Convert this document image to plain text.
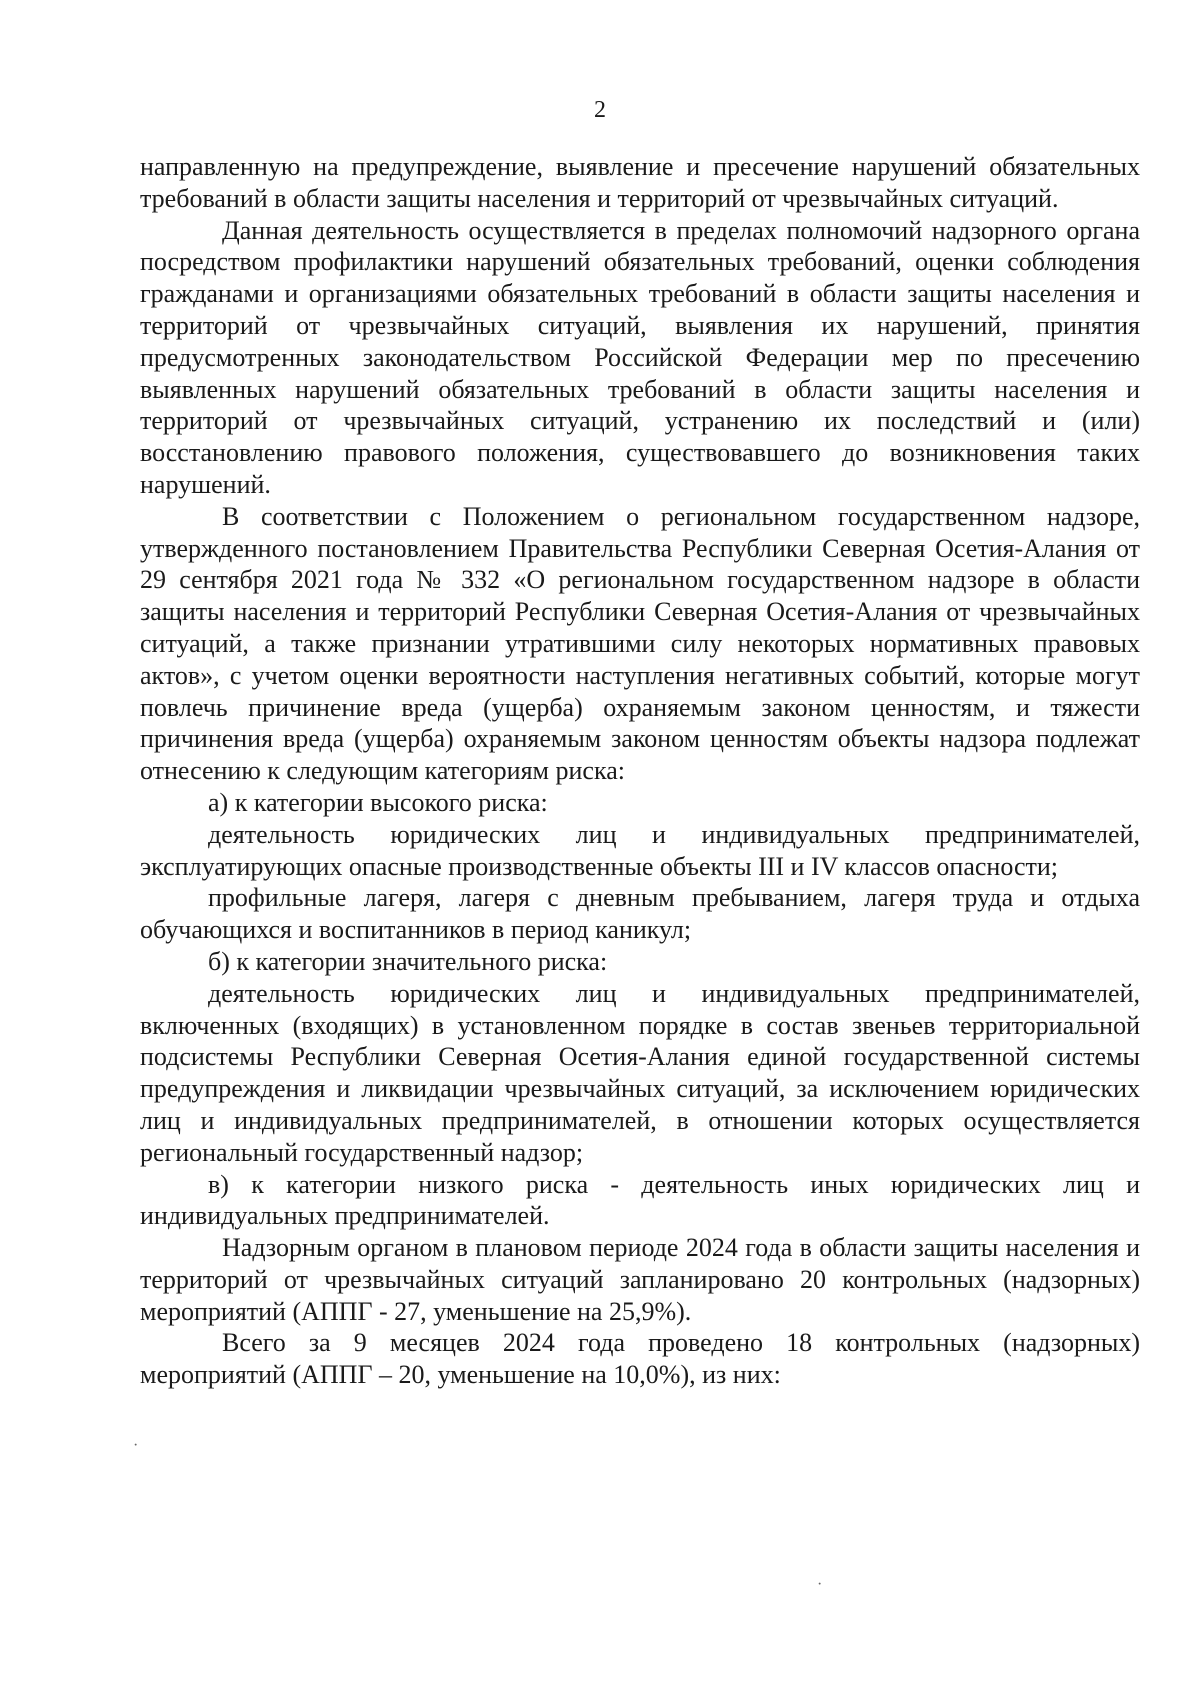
2

направленную на предупреждение, выявление и пресечение нарушений обязательных требований в области защиты населения и территорий от чрезвычайных ситуаций.

Данная деятельность осуществляется в пределах полномочий надзорного органа посредством профилактики нарушений обязательных требований, оценки соблюдения гражданами и организациями обязательных требований в области защиты населения и территорий от чрезвычайных ситуаций, выявления их нарушений, принятия предусмотренных законодательством Российской Федерации мер по пресечению выявленных нарушений обязательных требований в области защиты населения и территорий от чрезвычайных ситуаций, устранению их последствий и (или) восстановлению правового положения, существовавшего до возникновения таких нарушений.

В соответствии с Положением о региональном государственном надзоре, утвержденного постановлением Правительства Республики Северная Осетия-Алания от 29 сентября 2021 года № 332 «О региональном государственном надзоре в области защиты населения и территорий Республики Северная Осетия-Алания от чрезвычайных ситуаций, а также признании утратившими силу некоторых нормативных правовых актов», с учетом оценки вероятности наступления негативных событий, которые могут повлечь причинение вреда (ущерба) охраняемым законом ценностям, и тяжести причинения вреда (ущерба) охраняемым законом ценностям объекты надзора подлежат отнесению к следующим категориям риска:

а) к категории высокого риска:

деятельность юридических лиц и индивидуальных предпринимателей, эксплуатирующих опасные производственные объекты III и IV классов опасности;

профильные лагеря, лагеря с дневным пребыванием, лагеря труда и отдыха обучающихся и воспитанников в период каникул;

б) к категории значительного риска:

деятельность юридических лиц и индивидуальных предпринимателей, включенных (входящих) в установленном порядке в состав звеньев территориальной подсистемы Республики Северная Осетия-Алания единой государственной системы предупреждения и ликвидации чрезвычайных ситуаций, за исключением юридических лиц и индивидуальных предпринимателей, в отношении которых осуществляется региональный государственный надзор;

в) к категории низкого риска - деятельность иных юридических лиц и индивидуальных предпринимателей.

Надзорным органом в плановом периоде 2024 года в области защиты населения и территорий от чрезвычайных ситуаций запланировано 20 контрольных (надзорных) мероприятий (АППГ - 27, уменьшение на 25,9%).

Всего за 9 месяцев 2024 года проведено 18 контрольных (надзорных) мероприятий (АППГ – 20, уменьшение на 10,0%), из них:

·
·
